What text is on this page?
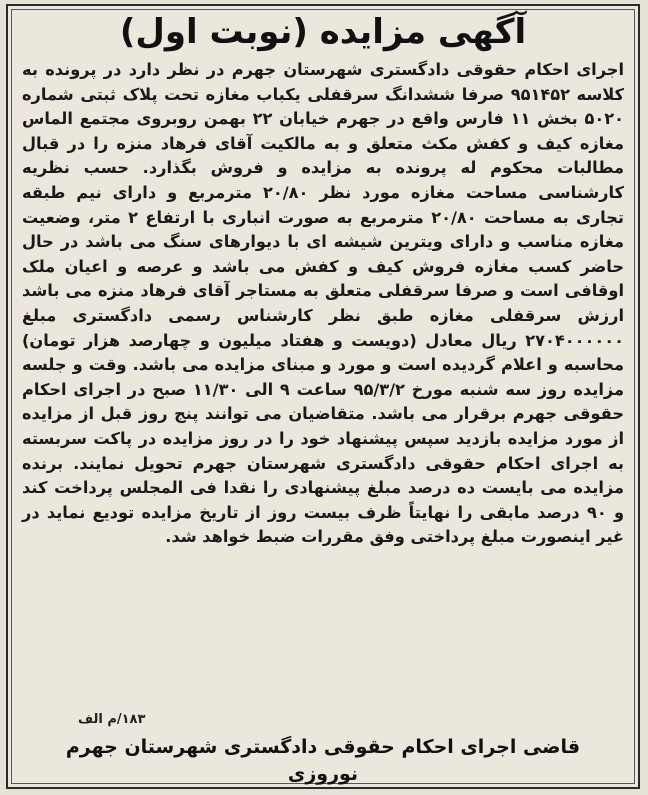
آگهی مزایده (نوبت اول)
اجرای احکام حقوقی دادگستری شهرستان جهرم در نظر دارد در پرونده به کلاسه ۹۵۱۴۵۲ صرفا ششدانگ سرقفلی یکباب مغازه تحت پلاک ثبتی شماره ۵۰۲۰ بخش ۱۱ فارس واقع در جهرم خیابان ۲۲ بهمن روبروی مجتمع الماس مغازه کیف و کفش مکث متعلق و به مالکیت آقای فرهاد منزه را در قبال مطالبات محکوم له پرونده به مزایده و فروش بگذارد. حسب نظریه کارشناسی مساحت مغازه مورد نظر ۲۰/۸۰ مترمربع و دارای نیم طبقه تجاری به مساحت ۲۰/۸۰ مترمربع به صورت انباری با ارتفاع ۲ متر، وضعیت مغازه مناسب و دارای ویترین شیشه ای با دیوارهای سنگ می باشد در حال حاضر کسب مغازه فروش کیف و کفش می باشد و عرصه و اعیان ملک اوقافی است و صرفا سرقفلی متعلق به مستاجر آقای فرهاد منزه می باشد ارزش سرقفلی مغازه طبق نظر کارشناس رسمی دادگستری مبلغ ۲۷۰۴۰۰۰۰۰۰ ریال معادل (دویست و هفتاد میلیون و چهارصد هزار تومان) محاسبه و اعلام گردیده است و مورد و مبنای مزایده می باشد. وقت و جلسه مزایده روز سه شنبه مورخ ۹۵/۳/۲ ساعت ۹ الی ۱۱/۳۰ صبح در اجرای احکام حقوقی جهرم برقرار می باشد. متقاضیان می توانند پنج روز قبل از مزایده از مورد مزایده بازدید سپس پیشنهاد خود را در روز مزایده در پاکت سربسته به اجرای احکام حقوقی دادگستری شهرستان جهرم تحویل نمایند. برنده مزایده می بایست ده درصد مبلغ پیشنهادی را نقدا فی المجلس پرداخت کند و ۹۰ درصد مابقی را نهایتاً ظرف بیست روز از تاریخ مزایده تودیع نماید در غیر اینصورت مبلغ پرداختی وفق مقررات ضبط خواهد شد.
۱۸۳/م الف
قاضی اجرای احکام حقوقی دادگستری شهرستان جهرم
نوروزی
